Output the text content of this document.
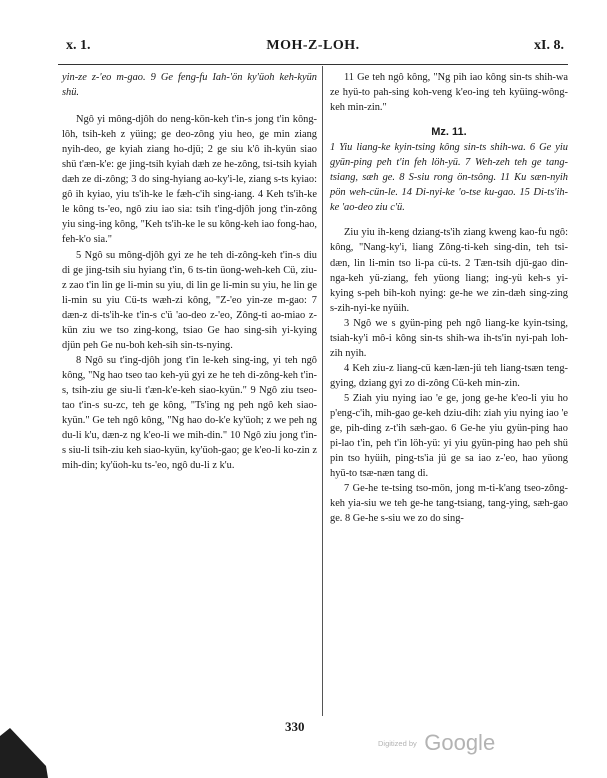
x. 1.	MOH-Z-LOH.	xI. 8.

yin-ze z-'eo m-gao. 9 Ge feng-fu Iah-'ön ky'üoh keh-kyün shü.

Ngô yi mông-djôh do neng-kön-keh t'in-s jong t'in kông-lôh, tsih-keh z yüing; ge deo-zông yiu heo, ge min ziang nyih-deo, ge kyiah ziang ho-djü; 2 ge siu k'ô ih-kyün siao shü t'æn-k'e: ge jing-tsih kyiah dæh ze he-zông, tsi-tsih kyiah dæh ze di-zông; 3 do sing-hyiang ao-ky'i-le, ziang s-ts kyiao: gô ih kyiao, yiu ts'ih-ke le fæh-c'ih sing-iang. 4 Keh ts'ih-ke le kông ts-'eo, ngô ziu iao sia: tsih t'ing-djôh jong t'in-zông yiu sing-ing kông, "Keh ts'ih-ke le su kông-keh iao fong-hao, feh-k'o sia."

5 Ngô su mông-djôh gyi ze he teh di-zông-keh t'in-s diu di ge jing-tsih siu hyiang t'in, 6 ts-tin üong-weh-keh Cü, ziu-z zao t'in lin ge li-min su yiu, di lin ge li-min su yiu, he lin ge li-min su yiu Cü-ts wæh-zi kông, "Z-'eo yin-ze m-gao: 7 dæn-z di-ts'ih-ke t'in-s c'ü 'ao-deo z-'eo, Zông-ti ao-miao z-kün ziu we tso zing-kong, tsiao Ge hao sing-sih yi-kying djün peh Ge nu-boh keh-sih sin-ts-nying.

8 Ngô su t'ing-djôh jong t'in le-keh sing-ing, yi teh ngô kông, "Ng hao tseo tao keh-yü gyi ze he teh di-zông-keh t'in-s, tsih-ziu ge siu-li t'æn-k'e-keh siao-kyün." 9 Ngô ziu tseo-tao t'in-s su-zc, teh ge kông, "Ts'ing ng peh ngô keh siao-kyün." Ge teh ngô kông, "Ng hao do-k'e ky'üoh; z we peh ng du-li k'u, dæn-z ng k'eo-li we mih-din." 10 Ngô ziu jong t'in-s siu-li tsih-ziu keh siao-kyün, ky'üoh-gao; ge k'eo-li ko-zin z mih-din; ky'üoh-ku ts-'eo, ngô du-li z k'u.

11 Ge teh ngô kông, "Ng pih iao kông sin-ts shih-wa ze hyü-to pah-sing koh-veng k'eo-ing teh kyüing-wông-keh min-zin."

Mz. 11.

1 Yiu liang-ke kyin-tsing kông sin-ts shih-wa. 6 Ge yiu gyün-ping peh t'in feh löh-yü. 7 Weh-zeh teh ge tang-tsiang, sæh ge. 8 S-siu rong ön-tsông. 11 Ku sæn-nyih pön weh-cün-le. 14 Di-nyi-ke 'o-tse ku-gao. 15 Di-ts'ih-ke 'ao-deo ziu c'ü.

Ziu yiu ih-keng dziang-ts'ih ziang kweng kao-fu ngô: kông, "Nang-ky'i, liang Zông-ti-keh sing-din, teh tsi-dæn, lin li-min tso li-pa cü-ts. 2 Tæn-tsih djü-gao din-nga-keh yü-ziang, feh yüong liang; ing-yü keh-s yi-kying s-peh bih-koh nying: ge-he we zin-dæh sing-zing s-zih-nyi-ke nyüih.

3 Ngô we s gyün-ping peh ngô liang-ke kyin-tsing, tsiah-ky'i mô-i kông sin-ts shih-wa ih-ts'in nyi-pah loh-zih nyih.

4 Keh ziu-z liang-cü kæn-læn-jü teh liang-tsæn teng-gying, dziang gyi zo di-zông Cü-keh min-zin.

5 Ziah yiu nying iao 'e ge, jong ge-he k'eo-li yiu ho p'eng-c'ih, mih-gao ge-keh dziu-dih: ziah yiu nying iao 'e ge, pih-ding z-t'ih sæh-gao. 6 Ge-he yiu gyün-ping hao pi-lao t'in, peh t'in löh-yü: yi yiu gyün-ping hao peh shü pin tso hyüih, ping-ts'ia jü ge sa iao z-'eo, hao yüong hyü-to tsæ-næn tang di.

7 Ge-he te-tsing tso-mön, jong m-ti-k'ang tseo-zông-keh yia-siu we teh ge-he tang-tsiang, tang-ying, sæh-gao ge. 8 Ge-he s-siu we zo do sing-

330
Digitized by Google
